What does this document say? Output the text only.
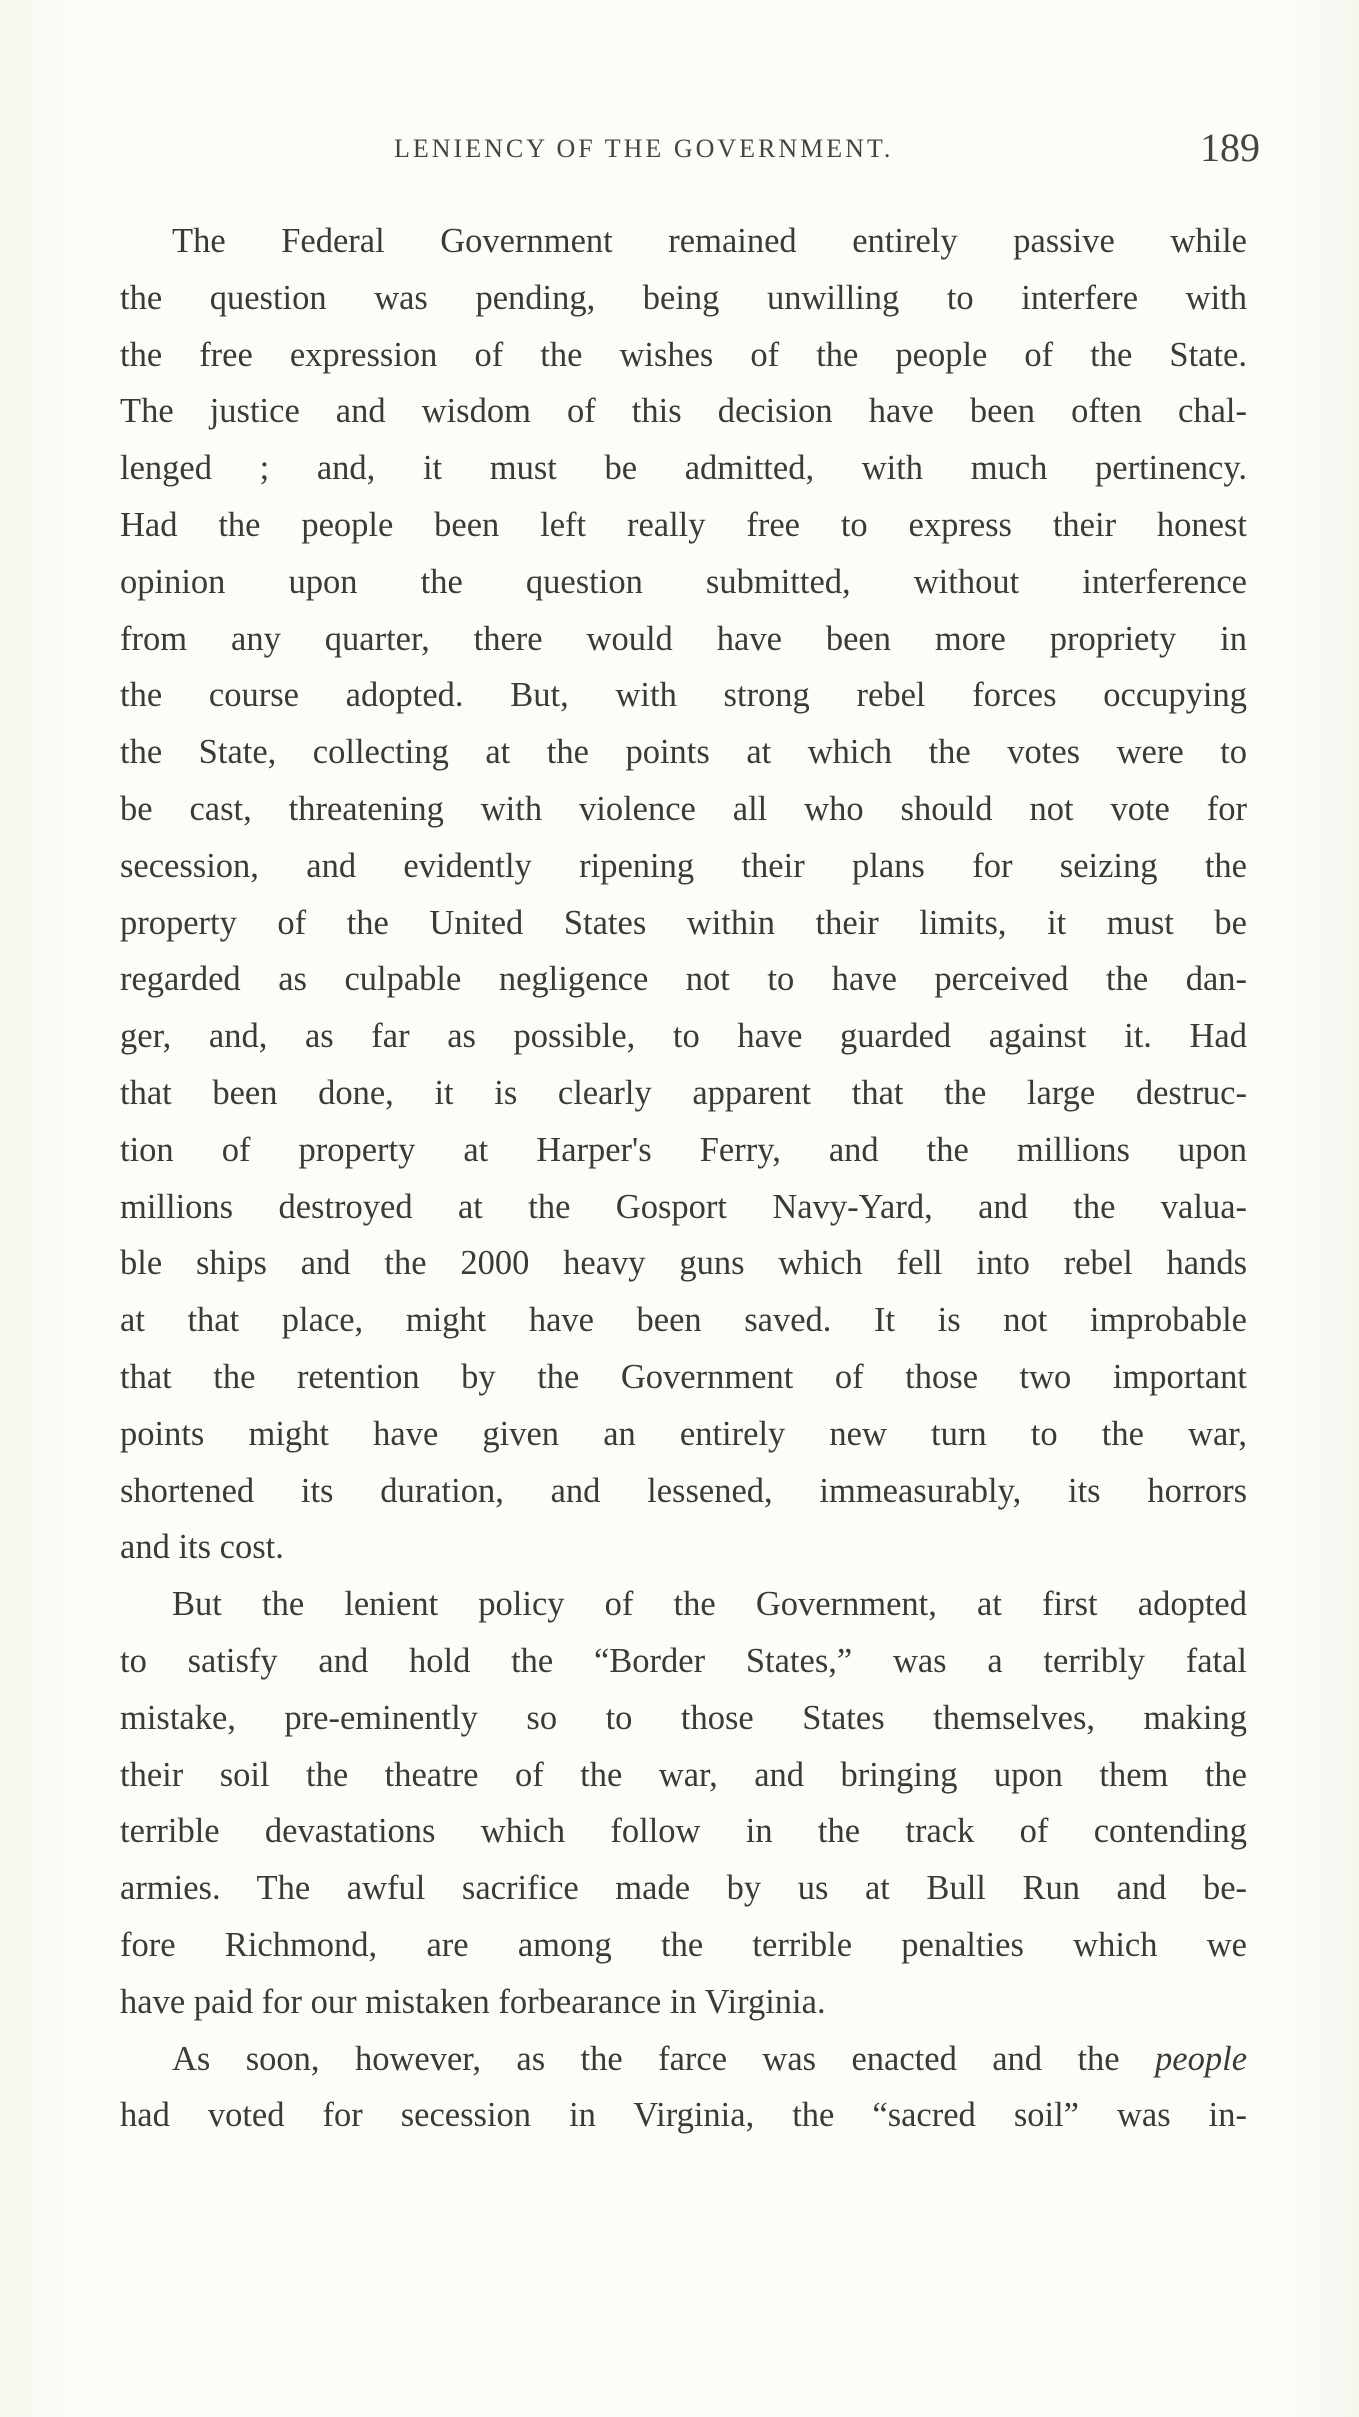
LENIENCY OF THE GOVERNMENT.	189
The Federal Government remained entirely passive while
the question was pending, being unwilling to interfere with
the free expression of the wishes of the people of the State.
The justice and wisdom of this decision have been often chal-
lenged ; and, it must be admitted, with much pertinency.
Had the people been left really free to express their honest
opinion upon the question submitted, without interference
from any quarter, there would have been more propriety in
the course adopted. But, with strong rebel forces occupying
the State, collecting at the points at which the votes were to
be cast, threatening with violence all who should not vote for
secession, and evidently ripening their plans for seizing the
property of the United States within their limits, it must be
regarded as culpable negligence not to have perceived the dan-
ger, and, as far as possible, to have guarded against it. Had
that been done, it is clearly apparent that the large destruc-
tion of property at Harper's Ferry, and the millions upon
millions destroyed at the Gosport Navy-Yard, and the valua-
ble ships and the 2000 heavy guns which fell into rebel hands
at that place, might have been saved. It is not improbable
that the retention by the Government of those two important
points might have given an entirely new turn to the war,
shortened its duration, and lessened, immeasurably, its horrors
and its cost.
But the lenient policy of the Government, at first adopted
to satisfy and hold the “Border States,” was a terribly fatal
mistake, pre-eminently so to those States themselves, making
their soil the theatre of the war, and bringing upon them the
terrible devastations which follow in the track of contending
armies. The awful sacrifice made by us at Bull Run and be-
fore Richmond, are among the terrible penalties which we
have paid for our mistaken forbearance in Virginia.
As soon, however, as the farce was enacted and the people
had voted for secession in Virginia, the “sacred soil” was in-
